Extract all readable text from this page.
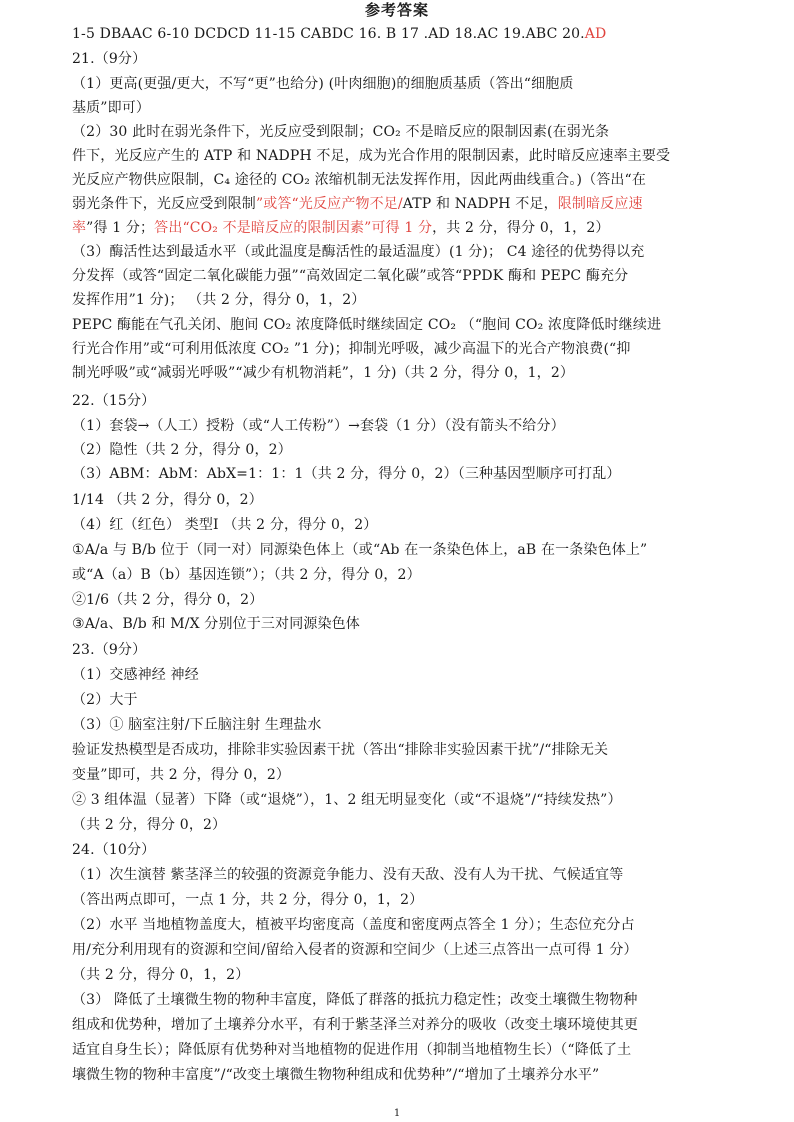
参考答案
1-5 DBAAC 6-10 DCDCD 11-15 CABDC 16. B 17 .AD 18.AC 19.ABC 20.AD
21.（9分）
（1）更高(更强/更大，不写“更”也给分) (叶肉细胞)的细胞质基质（答出“细胞质
基质”即可）
（2）30 此时在弱光条件下，光反应受到限制；CO₂ 不是暗反应的限制因素(在弱光条
件下，光反应产生的 ATP 和 NADPH 不足，成为光合作用的限制因素，此时暗反应速率主要受
光反应产物供应限制，C₄ 途径的 CO₂ 浓缩机制无法发挥作用，因此两曲线重合。)（答出“在
弱光条件下，光反应受到限制”或答“光反应产物不足/ATP 和 NADPH 不足，限制暗反应速
率”得 1 分；答出“CO₂ 不是暗反应的限制因素”可得 1 分，共 2 分，得分 0，1，2）
（3）酶活性达到最适水平（或此温度是酶活性的最适温度）(1 分)； C4 途径的优势得以充
分发挥（或答“固定二氧化碳能力强”“高效固定二氧化碳”或答“PPDK 酶和 PEPC 酶充分
发挥作用”1 分)； （共 2 分，得分 0，1，2）
PEPC 酶能在气孔关闭、胞间 CO₂ 浓度降低时继续固定 CO₂ （“胞间 CO₂ 浓度降低时继续进
行光合作用”或“可利用低浓度 CO₂ ”1 分)；抑制光呼吸，减少高温下的光合产物浪费(“抑
制光呼吸”或“减弱光呼吸”“减少有机物消耗”，1 分)（共 2 分，得分 0，1，2）
22.（15分）
（1）套袋→（人工）授粉（或“人工传粉”）→套袋（1 分）（没有箭头不给分）
（2）隐性（共 2 分，得分 0，2）
（3）ABM：AbM：AbX=1：1：1（共 2 分，得分 0，2）（三种基因型顺序可打乱）
1/14 （共 2 分，得分 0，2）
（4）红（红色） 类型Ⅰ （共 2 分，得分 0，2）
①A/a 与 B/b 位于（同一对）同源染色体上（或“Ab 在一条染色体上，aB 在一条染色体上”
或“A（a）B（b）基因连锁”）；（共 2 分，得分 0，2）
②1/6（共 2 分，得分 0，2）
③A/a、B/b 和 M/X 分别位于三对同源染色体
23.（9分）
（1）交感神经 神经
（2）大于
（3）① 脑室注射/下丘脑注射 生理盐水
验证发热模型是否成功，排除非实验因素干扰（答出“排除非实验因素干扰”/“排除无关
变量”即可，共 2 分，得分 0，2）
② 3 组体温（显著）下降（或“退烧”），1、2 组无明显变化（或“不退烧”/“持续发热”）
（共 2 分，得分 0，2）
24.（10分）
（1）次生演替 紫茎泽兰的较强的资源竞争能力、没有天敌、没有人为干扰、气候适宜等
（答出两点即可，一点 1 分，共 2 分，得分 0，1，2）
（2）水平 当地植物盖度大，植被平均密度高（盖度和密度两点答全 1 分）；生态位充分占
用/充分利用现有的资源和空间/留给入侵者的资源和空间少（上述三点答出一点可得 1 分）
（共 2 分，得分 0，1，2）
（3） 降低了土壤微生物的物种丰富度，降低了群落的抵抗力稳定性；改变土壤微生物物种
组成和优势种，增加了土壤养分水平，有利于紫茎泽兰对养分的吸收（改变土壤环境使其更
适宜自身生长）；降低原有优势种对当地植物的促进作用（抑制当地植物生长）（“降低了土
壤微生物的物种丰富度”/“改变土壤微生物物种组成和优势种”/“增加了土壤养分水平”
1
